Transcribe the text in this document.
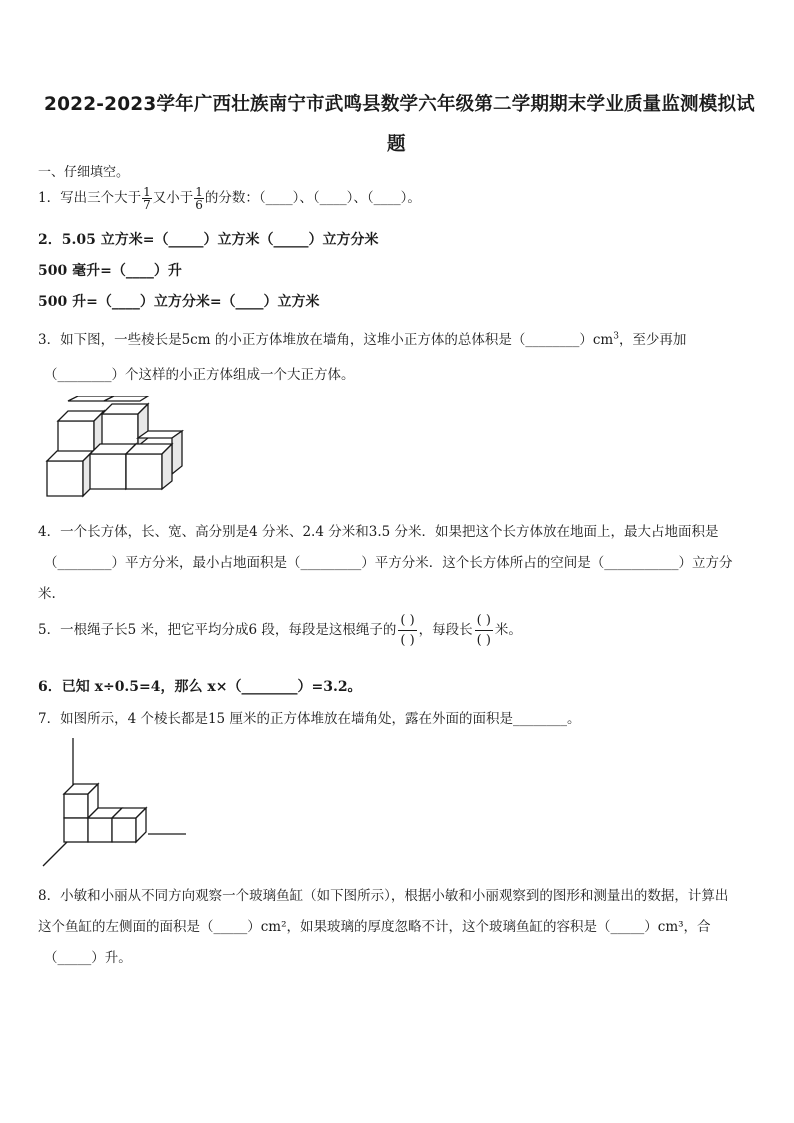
2022-2023学年广西壮族南宁市武鸣县数学六年级第二学期期末学业质量监测模拟试
题
一、仔细填空。
1．写出三个大于 $\frac{1}{7}$ 又小于 $\frac{1}{6}$ 的分数：（____）、（____）、（____）。
2．5.05 立方米=（_____）立方米（_____）立方分米
500 毫升=（____）升
500 升=（____）立方分米=（____）立方米
3．如下图，一些棱长是5cm 的小正方体堆放在墙角，这堆小正方体的总体积是$(\_\_\_\_\_\_\_\_)cm^3$，至少再加
（________）个这样的小正方体组成一个大正方体。
4．一个长方体，长、宽、高分别是4 分米、2.4 分米和3.5 分米．如果把这个长方体放在地面上，最大占地面积是
（________）平方分米，最小占地面积是（_________）平方分米．这个长方体所占的空间是（___________）立方分
米.
5．一根绳子长5 米，把它平均分成6 段，每段是这根绳子的
( )
( )
，每段长
( )
( )
米。
6．已知 x÷0.5=4，那么 x×（________）=3.2。
7．如图所示，4 个棱长都是15 厘米的正方体堆放在墙角处，露在外面的面积是________。
8．小敏和小丽从不同方向观察一个玻璃鱼缸（如下图所示），根据小敏和小丽观察到的图形和测量出的数据，计算出
这个鱼缸的左侧面的面积是（_____）cm²，如果玻璃的厚度忽略不计，这个玻璃鱼缸的容积是（_____）cm³，合
（_____）升。
